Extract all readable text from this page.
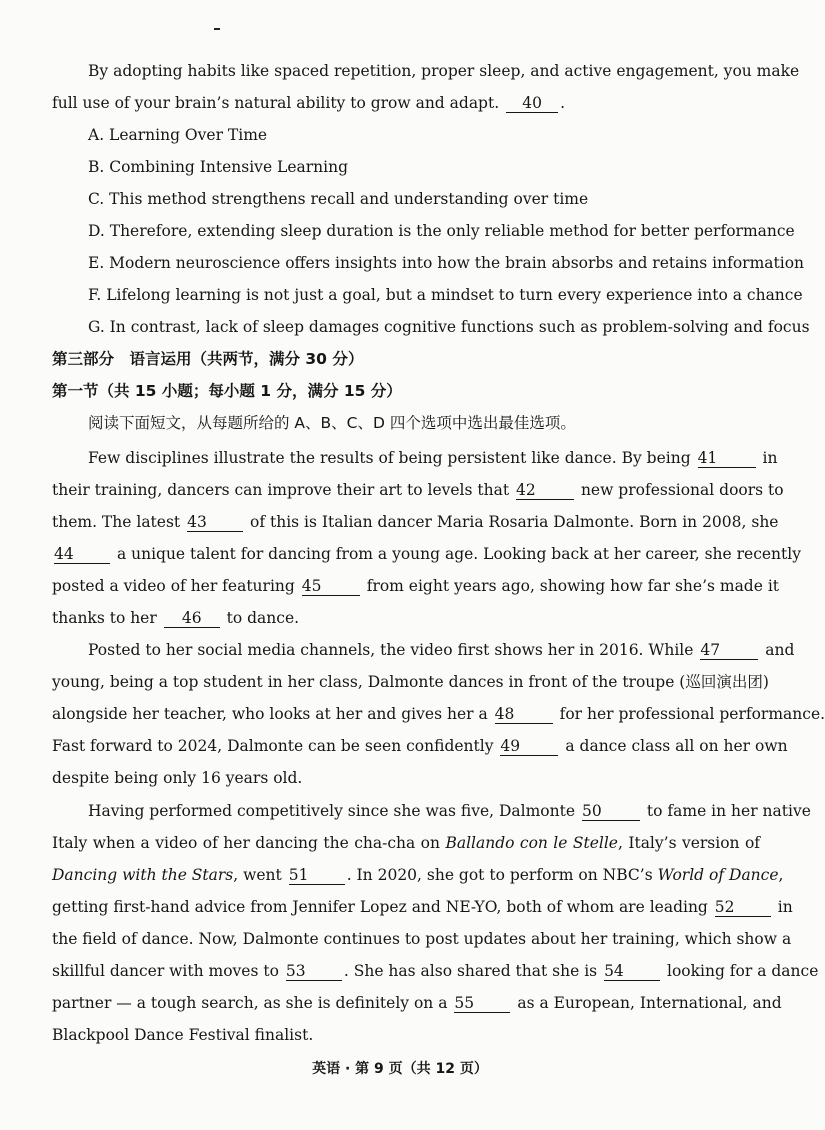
By adopting habits like spaced repetition, proper sleep, and active engagement, you make
full use of your brain’s natural ability to grow and adapt. 40 .
A. Learning Over Time
B. Combining Intensive Learning
C. This method strengthens recall and understanding over time
D. Therefore, extending sleep duration is the only reliable method for better performance
E. Modern neuroscience offers insights into how the brain absorbs and retains information
F. Lifelong learning is not just a goal, but a mindset to turn every experience into a chance
G. In contrast, lack of sleep damages cognitive functions such as problem-solving and focus
第三部分　语言运用（共两节，满分 30 分）
第一节（共 15 小题；每小题 1 分，满分 15 分）
阅读下面短文，从每题所给的 A、B、C、D 四个选项中选出最佳选项。
Few disciplines illustrate the results of being persistent like dance. By being 41	in
their training, dancers can improve their art to levels that 42	new professional doors to
them. The latest 43	of this is Italian dancer Maria Rosaria Dalmonte. Born in 2008, she
44	a unique talent for dancing from a young age. Looking back at her career, she recently
posted a video of her featuring 45	from eight years ago, showing how far she’s made it
thanks to her 46 to dance.
Posted to her social media channels, the video first shows her in 2016. While 47	and
young, being a top student in her class, Dalmonte dances in front of the troupe (巡回演出团)
alongside her teacher, who looks at her and gives her a 48	for her professional performance.
Fast forward to 2024, Dalmonte can be seen confidently 49	a dance class all on her own
despite being only 16 years old.
Having performed competitively since she was five, Dalmonte 50	to fame in her native
Italy when a video of her dancing the cha-cha on Ballando con le Stelle, Italy’s version of
Dancing with the Stars, went 51 . In 2020, she got to perform on NBC’s World of Dance,
getting first-hand advice from Jennifer Lopez and NE-YO, both of whom are leading 52	in
the field of dance. Now, Dalmonte continues to post updates about her training, which show a
skillful dancer with moves to 53 . She has also shared that she is 54	looking for a dance
partner — a tough search, as she is definitely on a 55	as a European, International, and
Blackpool Dance Festival finalist.
英语 · 第 9 页（共 12 页）
